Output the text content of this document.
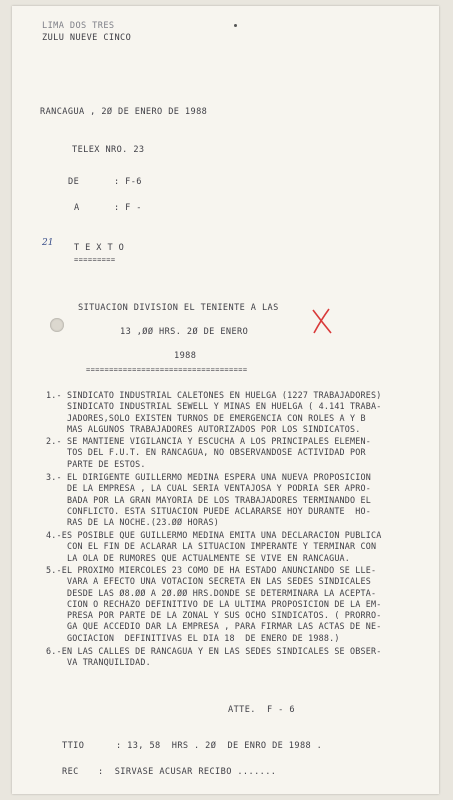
LIMA DOS TRES
ZULU NUEVE CINCO
RANCAGUA , 2Ø DE ENERO DE 1988
TELEX NRO. 23
DE	: F-6
A	: F -
21 T E X T O
=========
SITUACION DIVISION EL TENIENTE A LAS
13 ,ØØ HRS. 2Ø DE ENERO
1988
===================================
1.- SINDICATO INDUSTRIAL CALETONES EN HUELGA (1227 TRABAJADORES)
SINDICATO INDUSTRIAL SEWELL Y MINAS EN HUELGA ( 4.141 TRABA-
JADORES,SOLO EXISTEN TURNOS DE EMERGENCIA CON ROLES A Y B
MAS ALGUNOS TRABAJADORES AUTORIZADOS POR LOS SINDICATOS.
2.- SE MANTIENE VIGILANCIA Y ESCUCHA A LOS PRINCIPALES ELEMEN-
TOS DEL F.U.T. EN RANCAGUA, NO OBSERVANDOSE ACTIVIDAD POR
PARTE DE ESTOS.
3.- EL DIRIGENTE GUILLERMO MEDINA ESPERA UNA NUEVA PROPOSICION
DE LA EMPRESA , LA CUAL SERIA VENTAJOSA Y PODRIA SER APRO-
BADA POR LA GRAN MAYORIA DE LOS TRABAJADORES TERMINANDO EL
CONFLICTO. ESTA SITUACION PUEDE ACLARARSE HOY DURANTE  HO-
RAS DE LA NOCHE.(23.ØØ HORAS)
4.-ES POSIBLE QUE GUILLERMO MEDINA EMITA UNA DECLARACION PUBLICA
CON EL FIN DE ACLARAR LA SITUACION IMPERANTE Y TERMINAR CON
LA OLA DE RUMORES QUE ACTUALMENTE SE VIVE EN RANCAGUA.
5.-EL PROXIMO MIERCOLES 23 COMO DE HA ESTADO ANUNCIANDO SE LLE-
VARA A EFECTO UNA VOTACION SECRETA EN LAS SEDES SINDICALES
DESDE LAS Ø8.ØØ A 2Ø.ØØ HRS.DONDE SE DETERMINARA LA ACEPTA-
CION O RECHAZO DEFINITIVO DE LA ULTIMA PROPOSICION DE LA EM-
PRESA POR PARTE DE LA ZONAL Y SUS OCHO SINDICATOS. ( PRORRO-
GA QUE ACCEDIO DAR LA EMPRESA , PARA FIRMAR LAS ACTAS DE NE-
GOCIACION  DEFINITIVAS EL DIA 18  DE ENERO DE 1988.)
6.-EN LAS CALLES DE RANCAGUA Y EN LAS SEDES SINDICALES SE OBSER-
VA TRANQUILIDAD.
ATTE.  F - 6
TTIO	: 13, 58  HRS . 2Ø  DE ENRO DE 1988 .
REC :  SIRVASE ACUSAR RECIBO .......
